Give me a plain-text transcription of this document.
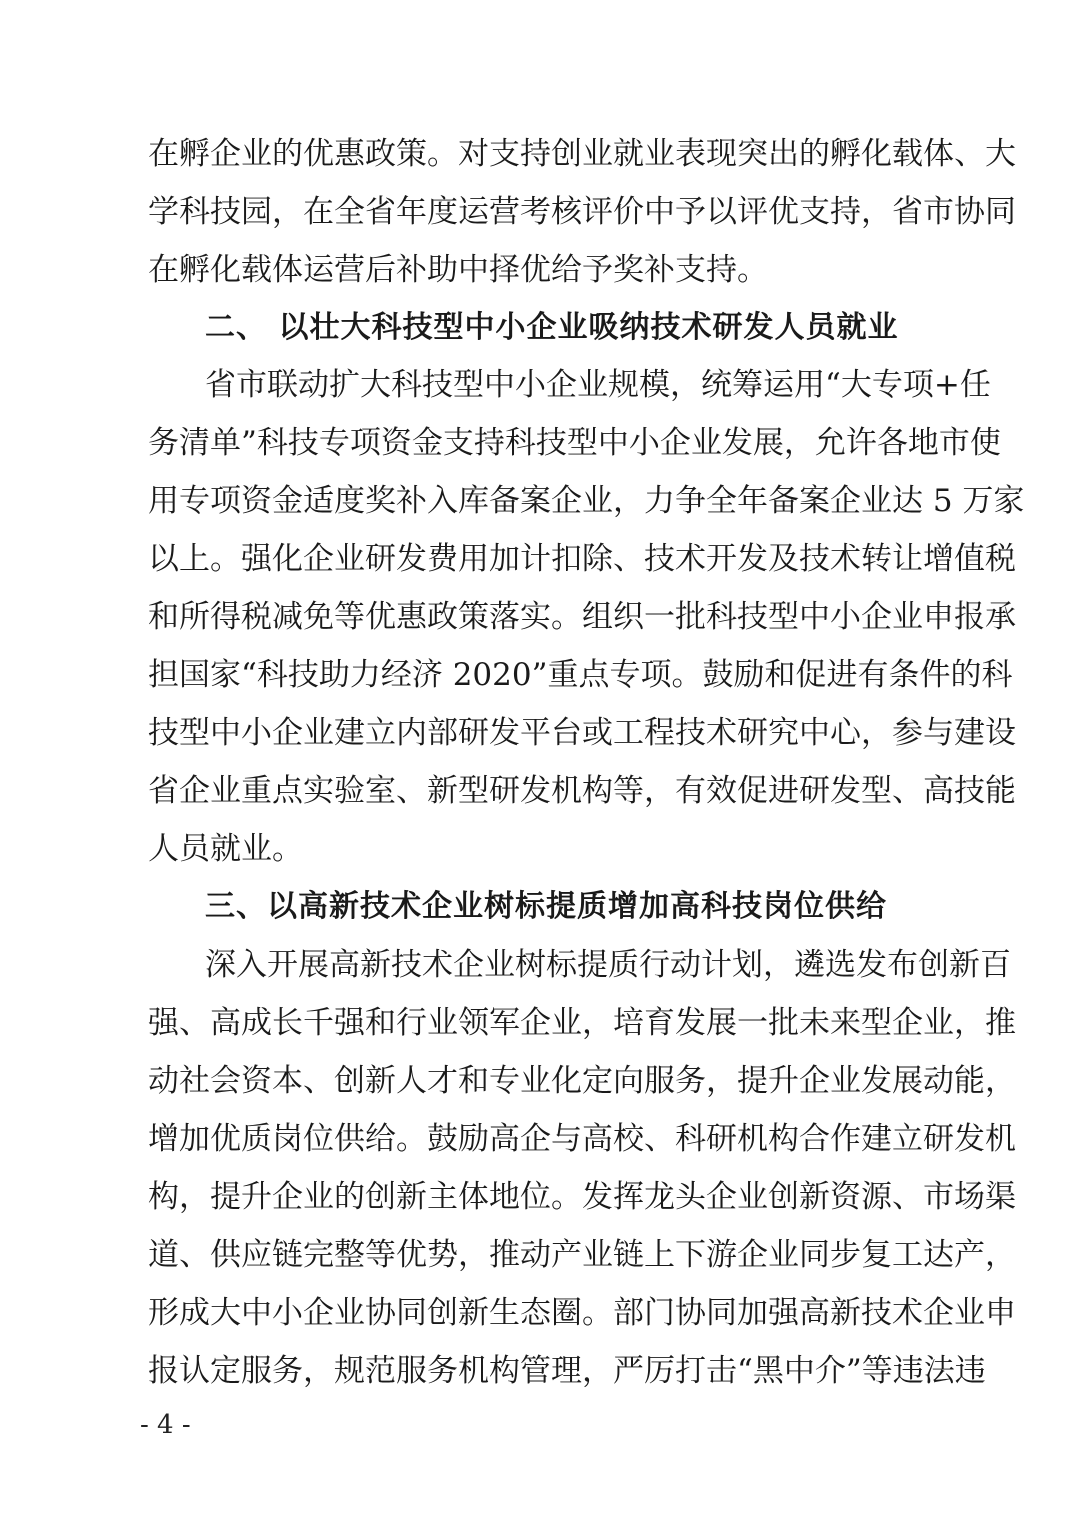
在孵企业的优惠政策。对支持创业就业表现突出的孵化载体、大
学科技园，在全省年度运营考核评价中予以评优支持，省市协同
在孵化载体运营后补助中择优给予奖补支持。
二、 以壮大科技型中小企业吸纳技术研发人员就业
省市联动扩大科技型中小企业规模，统筹运用“大专项+任
务清单”科技专项资金支持科技型中小企业发展，允许各地市使
用专项资金适度奖补入库备案企业，力争全年备案企业达 5 万家
以上。强化企业研发费用加计扣除、技术开发及技术转让增值税
和所得税减免等优惠政策落实。组织一批科技型中小企业申报承
担国家“科技助力经济 2020”重点专项。鼓励和促进有条件的科
技型中小企业建立内部研发平台或工程技术研究中心，参与建设
省企业重点实验室、新型研发机构等，有效促进研发型、高技能
人员就业。
三、以高新技术企业树标提质增加高科技岗位供给
深入开展高新技术企业树标提质行动计划，遴选发布创新百
强、高成长千强和行业领军企业，培育发展一批未来型企业，推
动社会资本、创新人才和专业化定向服务，提升企业发展动能，
增加优质岗位供给。鼓励高企与高校、科研机构合作建立研发机
构，提升企业的创新主体地位。发挥龙头企业创新资源、市场渠
道、供应链完整等优势，推动产业链上下游企业同步复工达产，
形成大中小企业协同创新生态圈。部门协同加强高新技术企业申
报认定服务，规范服务机构管理，严厉打击“黑中介”等违法违
- 4 -
